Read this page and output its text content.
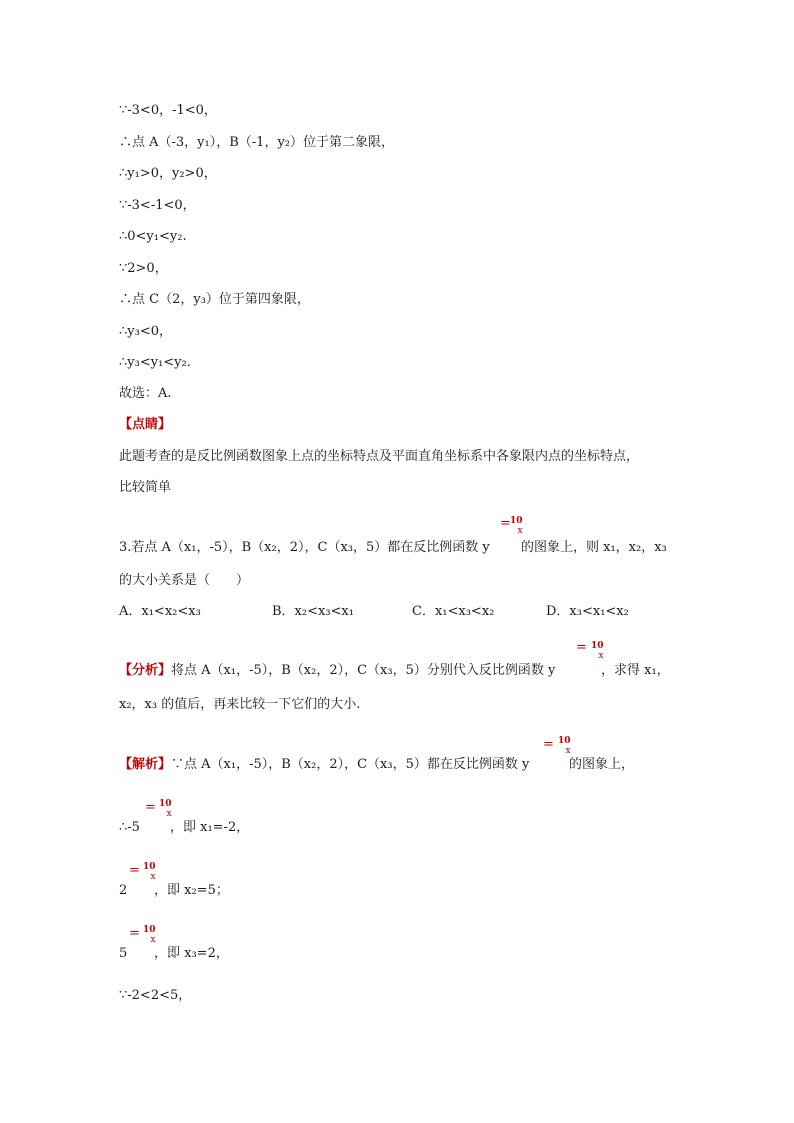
∵-3<0，-1<0，
∴点 A（-3，y₁），B（-1，y₂）位于第二象限，
∴y₁>0，y₂>0，
∵-3<-1<0，
∴0<y₁<y₂.
∵2>0，
∴点 C（2，y₃）位于第四象限，
∴y₃<0，
∴y₃<y₁<y₂.
故选：A.
【点睛】
此题考查的是反比例函数图象上点的坐标特点及平面直角坐标系中各象限内点的坐标特点，
比较简单
3.若点 A（x₁，-5），B（x₂，2），C（x₃，5）都在反比例函数 y
= 10
x
的图象上，则 x₁，x₂，x₃
的大小关系是（　　）
A．x₁<x₂<x₃	B．x₂<x₃<x₁	C．x₁<x₃<x₂	D．x₃<x₁<x₂
【分析】将点 A（x₁，-5），B（x₂，2），C（x₃，5）分别代入反比例函数 y
= 10
x
，求得 x₁，
x₂，x₃ 的值后，再来比较一下它们的大小.
【解析】∵点 A（x₁，-5），B（x₂，2），C（x₃，5）都在反比例函数 y
= 10
x
的图象上，
∴-5
= 10
x
，即 x₁=-2，
2
= 10
x
，即 x₂=5；
5
= 10
x
，即 x₃=2，
∵-2<2<5，
